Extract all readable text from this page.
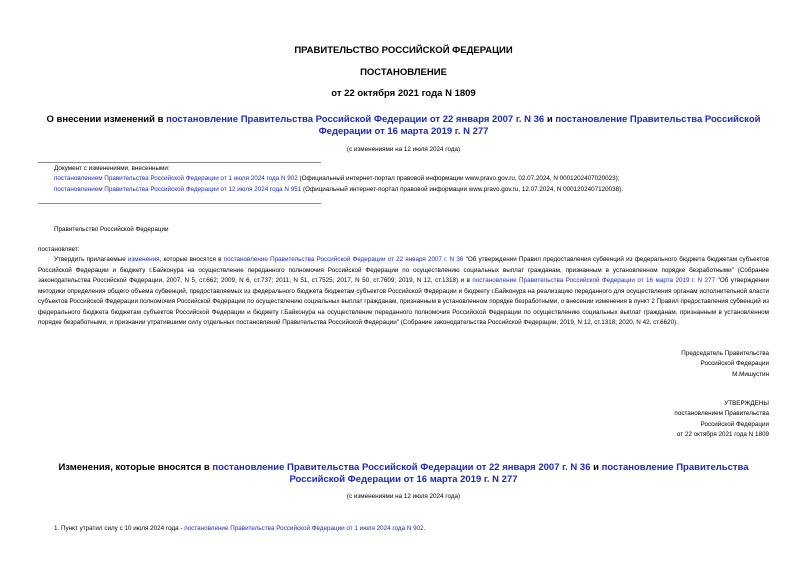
ПРАВИТЕЛЬСТВО РОССИЙСКОЙ ФЕДЕРАЦИИ
ПОСТАНОВЛЕНИЕ
от 22 октября 2021 года N 1809
О внесении изменений в постановление Правительства Российской Федерации от 22 января 2007 г. N 36 и постановление Правительства Российской Федерации от 16 марта 2019 г. N 277
(с изменениями на 12 июля 2024 года)
Документ с изменениями, внесенными:
постановлением Правительства Российской Федерации от 1 июля 2024 года N 902 (Официальный интернет-портал правовой информации www.pravo.gov.ru, 02.07.2024, N 0001202407020023);
постановлением Правительства Российской Федерации от 12 июля 2024 года N 951 (Официальный интернет-портал правовой информации www.pravo.gov.ru, 12.07.2024, N 0001202407120038).
Правительство Российской Федерации
постановляет:
Утвердить прилагаемые изменения, которые вносятся в постановление Правительства Российской Федерации от 22 января 2007 г. N 36 "Об утверждении Правил предоставления субвенций из федерального бюджета бюджетам субъектов Российской Федерации и бюджету г.Байконура на осуществление переданного полномочия Российской Федерации по осуществлению социальных выплат гражданам, признанным в установленном порядке безработными" (Собрание законодательства Российской Федерации, 2007, N 5, ст.662; 2009, N 6, ст.737; 2011, N 51, ст.7525; 2017, N 50, ст.7609; 2019, N 12, ст.1318) и в постановление Правительства Российской Федерации от 16 марта 2019 г. N 277 "Об утверждении методики определения общего объема субвенций, предоставляемых из федерального бюджета бюджетам субъектов Российской Федерации и бюджету г.Байконура на реализацию переданного для осуществления органам исполнительной власти субъектов Российской Федерации полномочия Российской Федерации по осуществлению социальных выплат гражданам, признанным в установленном порядке безработными, о внесении изменения в пункт 2 Правил предоставления субвенций из федерального бюджета бюджетам субъектов Российской Федерации и бюджету г.Байконура на осуществление переданного полномочия Российской Федерации по осуществлению социальных выплат гражданам, признанным в установленном порядке безработными, и признании утратившими силу отдельных постановлений Правительства Российской Федерации" (Собрание законодательства Российской Федерации, 2019, N 12, ст.1318; 2020, N 42, ст.6620).
Председатель Правительства
Российской Федерации
М.Мишустин
УТВЕРЖДЕНЫ
постановлением Правительства
Российской Федерации
от 22 октября 2021 года N 1809
Изменения, которые вносятся в постановление Правительства Российской Федерации от 22 января 2007 г. N 36 и постановление Правительства Российской Федерации от 16 марта 2019 г. N 277
(с изменениями на 12 июля 2024 года)
1. Пункт утратил силу с 10 июля 2024 года - постановление Правительства Российской Федерации от 1 июля 2024 года N 902.
